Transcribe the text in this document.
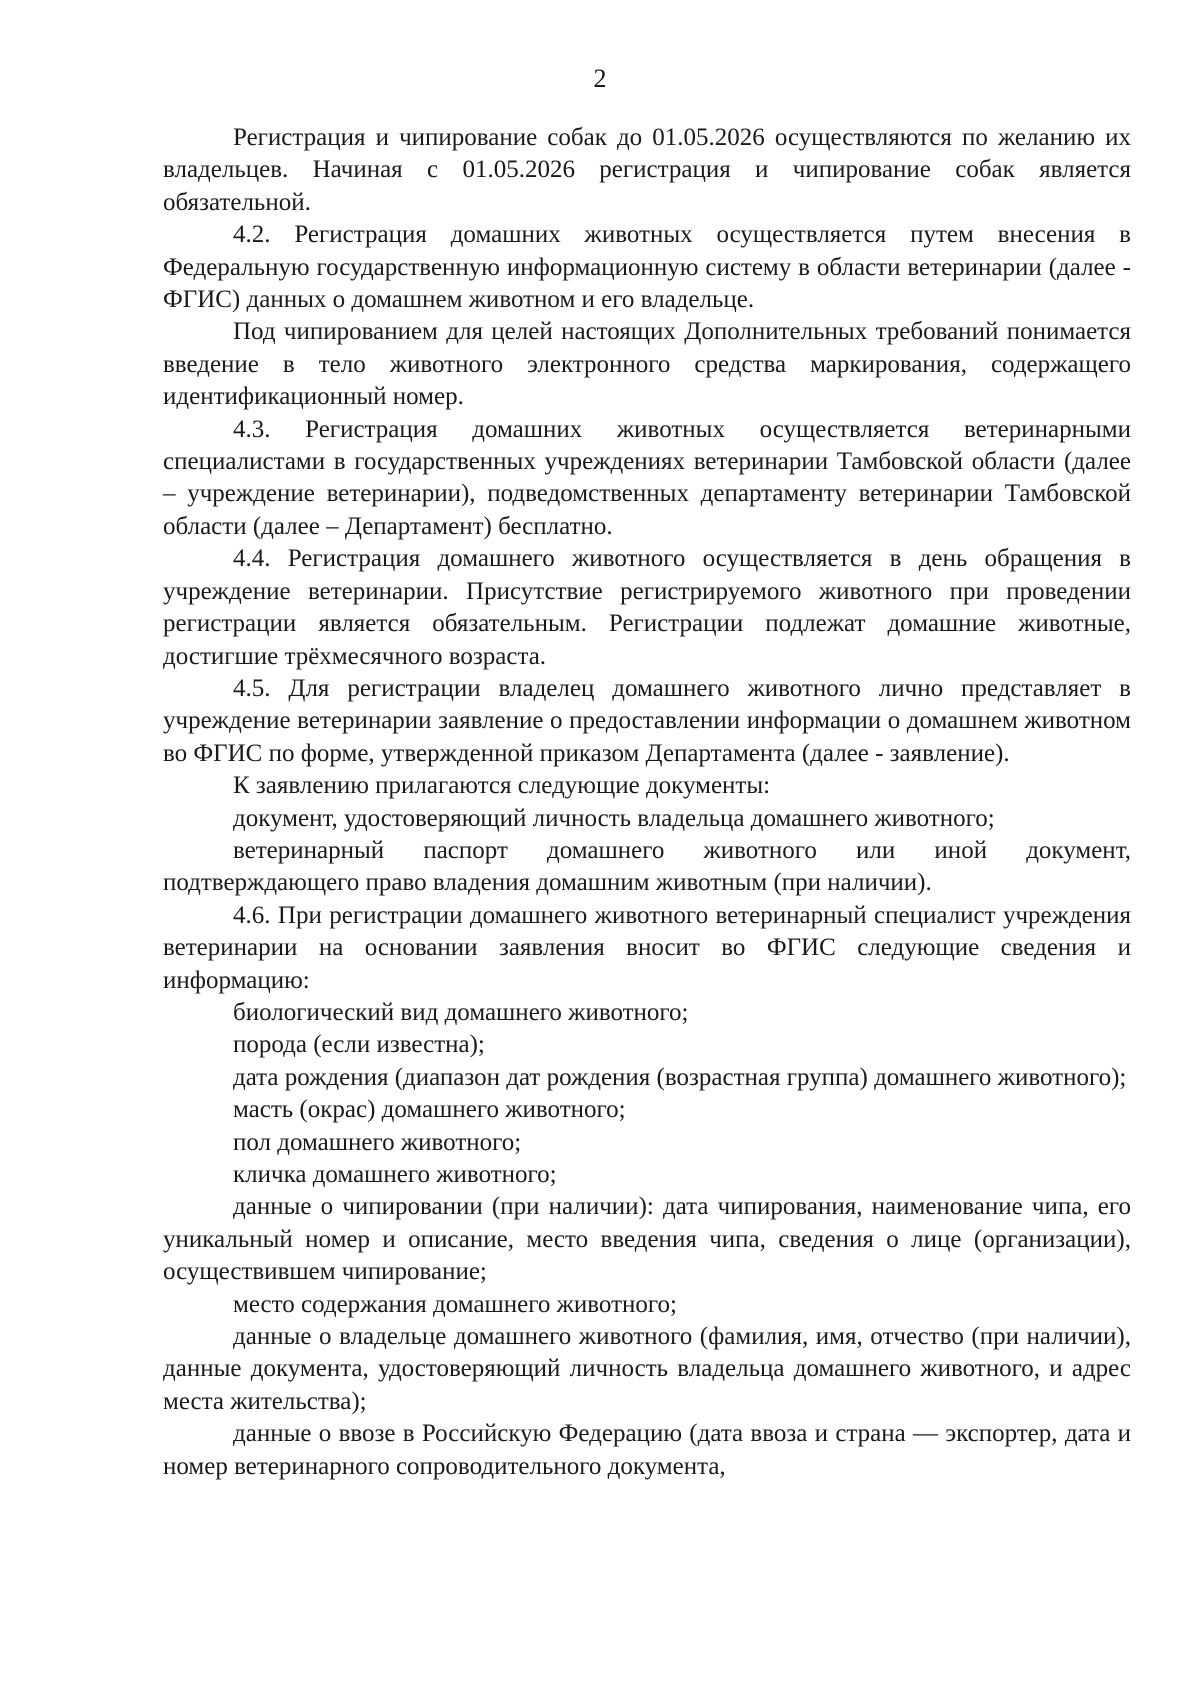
2

Регистрация и чипирование собак до 01.05.2026 осуществляются по желанию их владельцев. Начиная с 01.05.2026 регистрация и чипирование собак является обязательной.

4.2. Регистрация домашних животных осуществляется путем внесения в Федеральную государственную информационную систему в области ветеринарии (далее - ФГИС) данных о домашнем животном и его владельце.

Под чипированием для целей настоящих Дополнительных требований понимается введение в тело животного электронного средства маркирования, содержащего идентификационный номер.

4.3. Регистрация домашних животных осуществляется ветеринарными специалистами в государственных учреждениях ветеринарии Тамбовской области (далее – учреждение ветеринарии), подведомственных департаменту ветеринарии Тамбовской области (далее – Департамент) бесплатно.

4.4. Регистрация домашнего животного осуществляется в день обращения в учреждение ветеринарии. Присутствие регистрируемого животного при проведении регистрации является обязательным. Регистрации подлежат домашние животные, достигшие трёхмесячного возраста.

4.5. Для регистрации владелец домашнего животного лично представляет в учреждение ветеринарии заявление о предоставлении информации о домашнем животном во ФГИС по форме, утвержденной приказом Департамента (далее - заявление).

К заявлению прилагаются следующие документы:

документ, удостоверяющий личность владельца домашнего животного;

ветеринарный паспорт домашнего животного или иной документ, подтверждающего право владения домашним животным (при наличии).

4.6. При регистрации домашнего животного ветеринарный специалист учреждения ветеринарии на основании заявления вносит во ФГИС следующие сведения и информацию:

биологический вид домашнего животного;

порода (если известна);

дата рождения (диапазон дат рождения (возрастная группа) домашнего животного);

масть (окрас) домашнего животного;

пол домашнего животного;

кличка домашнего животного;

данные о чипировании (при наличии): дата чипирования, наименование чипа, его уникальный номер и описание, место введения чипа, сведения о лице (организации), осуществившем чипирование;

место содержания домашнего животного;

данные о владельце домашнего животного (фамилия, имя, отчество (при наличии), данные документа, удостоверяющий личность владельца домашнего животного, и адрес места жительства);

данные о ввозе в Российскую Федерацию (дата ввоза и страна — экспортер, дата и номер ветеринарного сопроводительного документа,
